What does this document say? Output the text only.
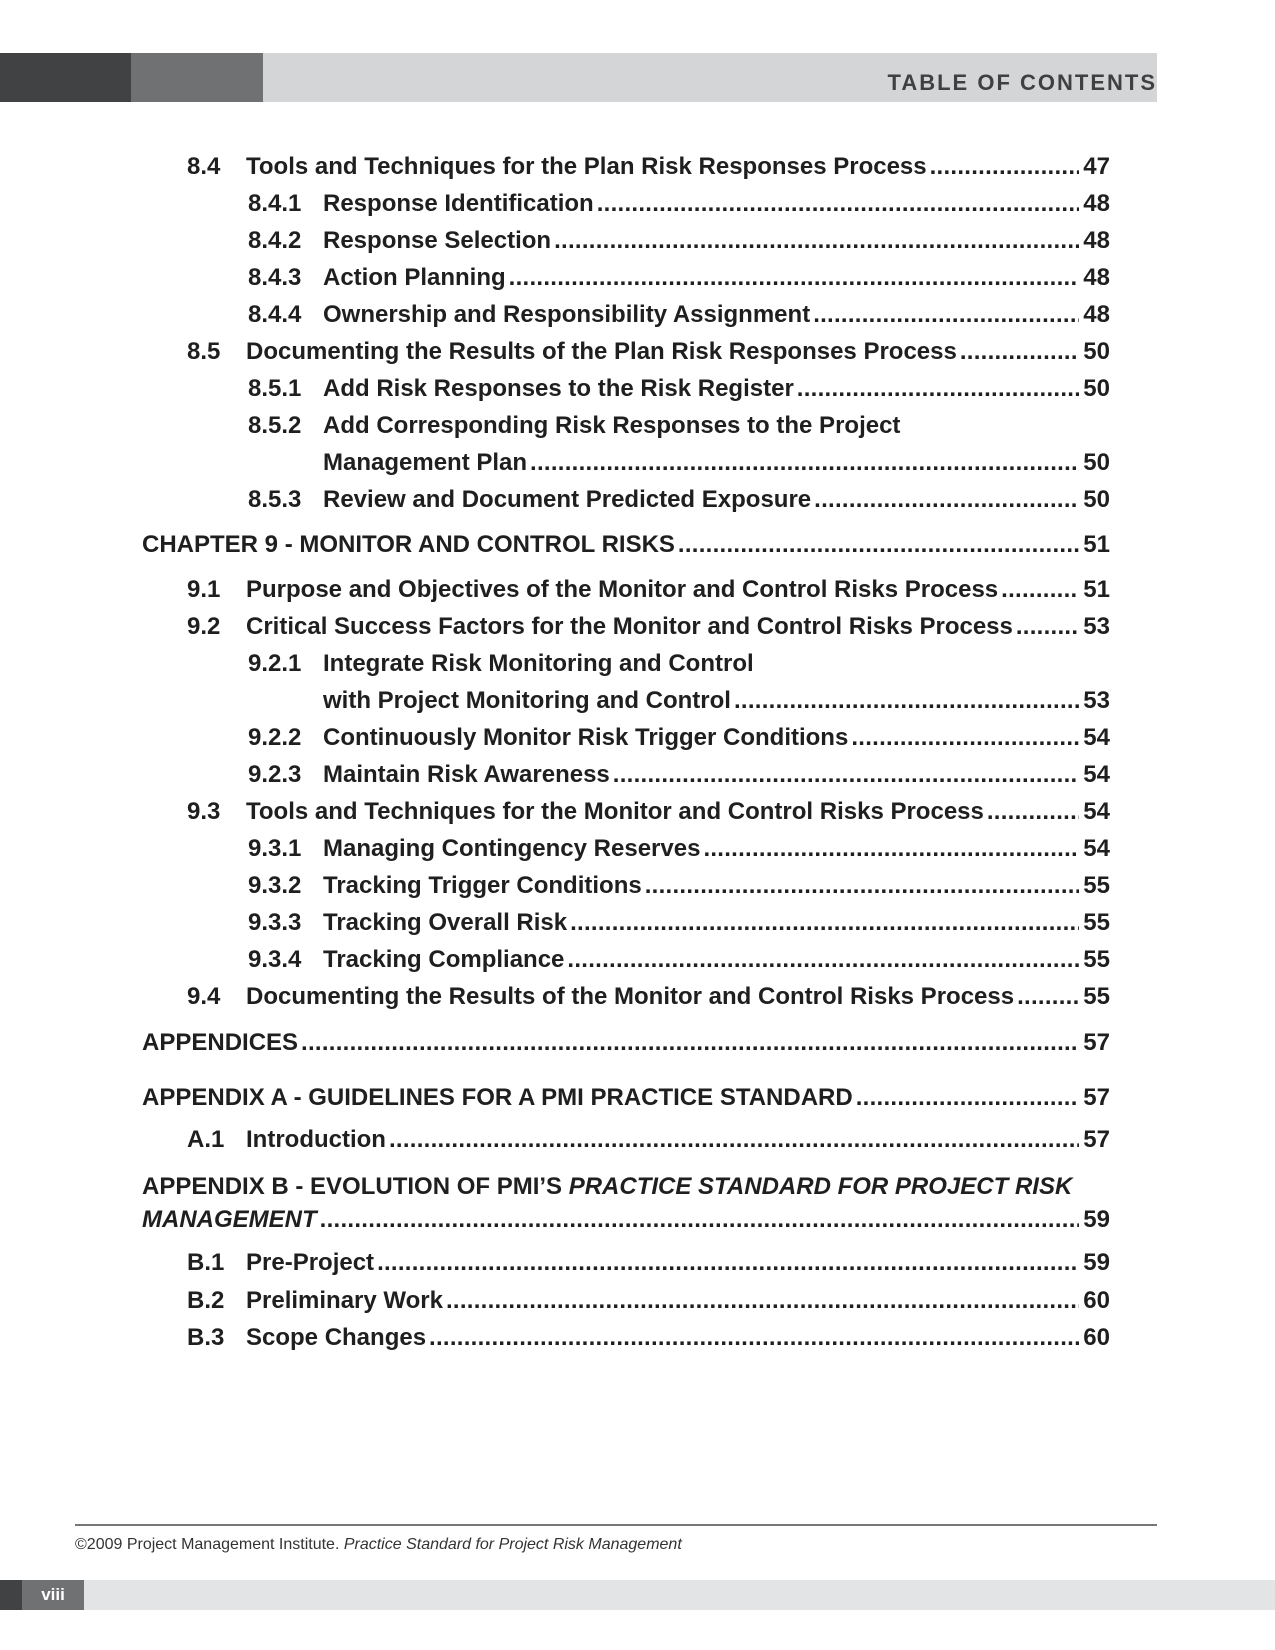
TABLE OF CONTENTS
8.4 Tools and Techniques for the Plan Risk Responses Process . . .	47
8.4.1 Response Identification . . .	48
8.4.2 Response Selection . . .	48
8.4.3 Action Planning . . .	48
8.4.4 Ownership and Responsibility Assignment . . .	48
8.5 Documenting the Results of the Plan Risk Responses Process . . .	50
8.5.1 Add Risk Responses to the Risk Register . . .	50
8.5.2 Add Corresponding Risk Responses to the Project
Management Plan . . .	50
8.5.3 Review and Document Predicted Exposure . . .	50
CHAPTER 9 - MONITOR AND CONTROL RISKS . . .	51
9.1 Purpose and Objectives of the Monitor and Control Risks Process . . .	51
9.2 Critical Success Factors for the Monitor and Control Risks Process . . .	53
9.2.1 Integrate Risk Monitoring and Control
with Project Monitoring and Control . . .	53
9.2.2 Continuously Monitor Risk Trigger Conditions . . .	54
9.2.3 Maintain Risk Awareness . . .	54
9.3 Tools and Techniques for the Monitor and Control Risks Process . . .	54
9.3.1 Managing Contingency Reserves . . .	54
9.3.2 Tracking Trigger Conditions . . .	55
9.3.3 Tracking Overall Risk . . .	55
9.3.4 Tracking Compliance . . .	55
9.4 Documenting the Results of the Monitor and Control Risks Process . . .	55
APPENDICES . . .	57
APPENDIX A - GUIDELINES FOR A PMI PRACTICE STANDARD . . .	57
A.1 Introduction . . .	57
APPENDIX B - EVOLUTION OF PMI’S PRACTICE STANDARD FOR PROJECT RISK
MANAGEMENT . . .	59
B.1 Pre-Project . . .	59
B.2 Preliminary Work . . .	60
B.3 Scope Changes . . .	60
©2009 Project Management Institute. Practice Standard for Project Risk Management
viii
